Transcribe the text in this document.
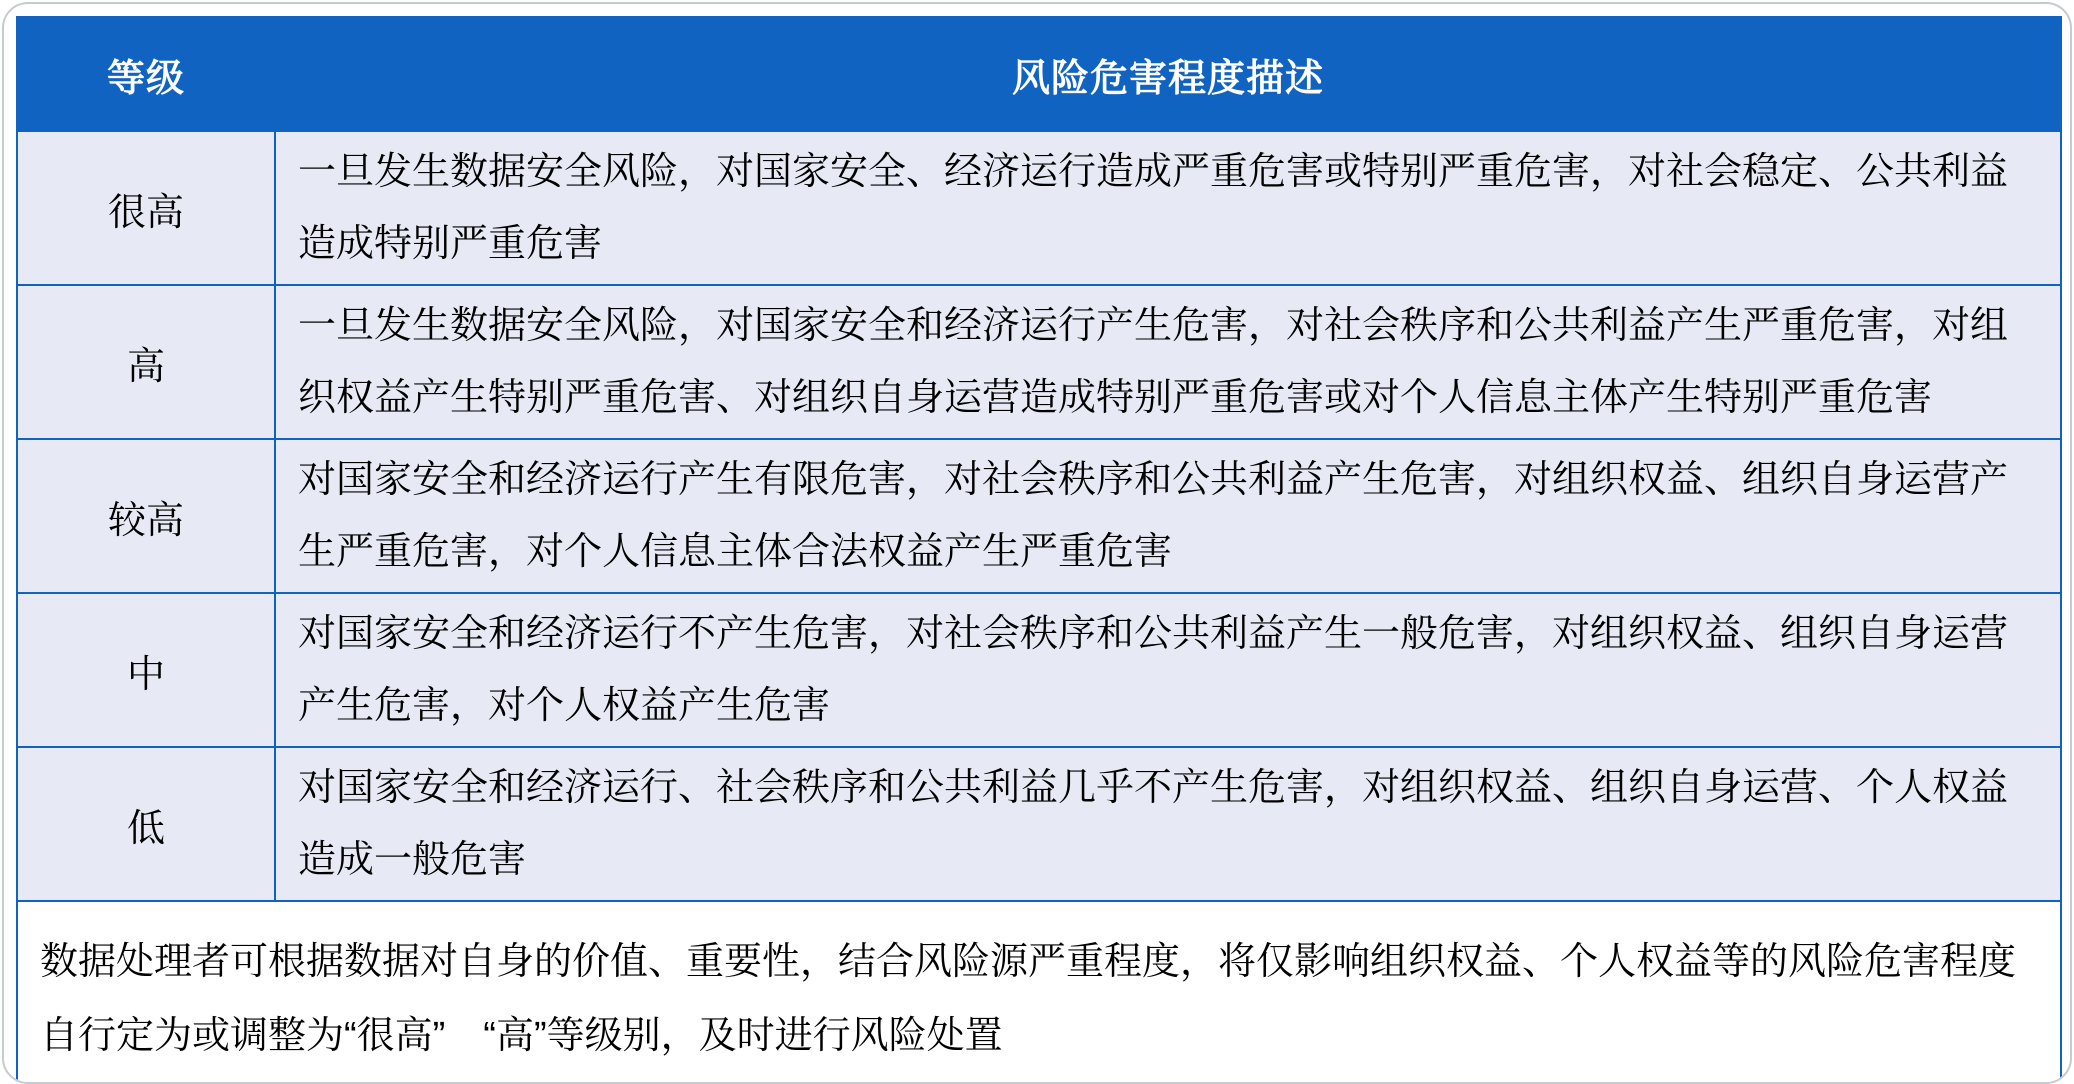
等级	风险危害程度描述
很高	一旦发生数据安全风险，对国家安全、经济运行造成严重危害或特别严重危害，对社会稳定、公共利益造成特别严重危害
高	一旦发生数据安全风险，对国家安全和经济运行产生危害，对社会秩序和公共利益产生严重危害，对组织权益产生特别严重危害、对组织自身运营造成特别严重危害或对个人信息主体产生特别严重危害
较高	对国家安全和经济运行产生有限危害，对社会秩序和公共利益产生危害，对组织权益、组织自身运营产生严重危害，对个人信息主体合法权益产生严重危害
中	对国家安全和经济运行不产生危害，对社会秩序和公共利益产生一般危害，对组织权益、组织自身运营产生危害，对个人权益产生危害
低	对国家安全和经济运行、社会秩序和公共利益几乎不产生危害，对组织权益、组织自身运营、个人权益造成一般危害
数据处理者可根据数据对自身的价值、重要性，结合风险源严重程度，将仅影响组织权益、个人权益等的风险危害程度自行定为或调整为“很高”　“高”等级别，及时进行风险处置	
